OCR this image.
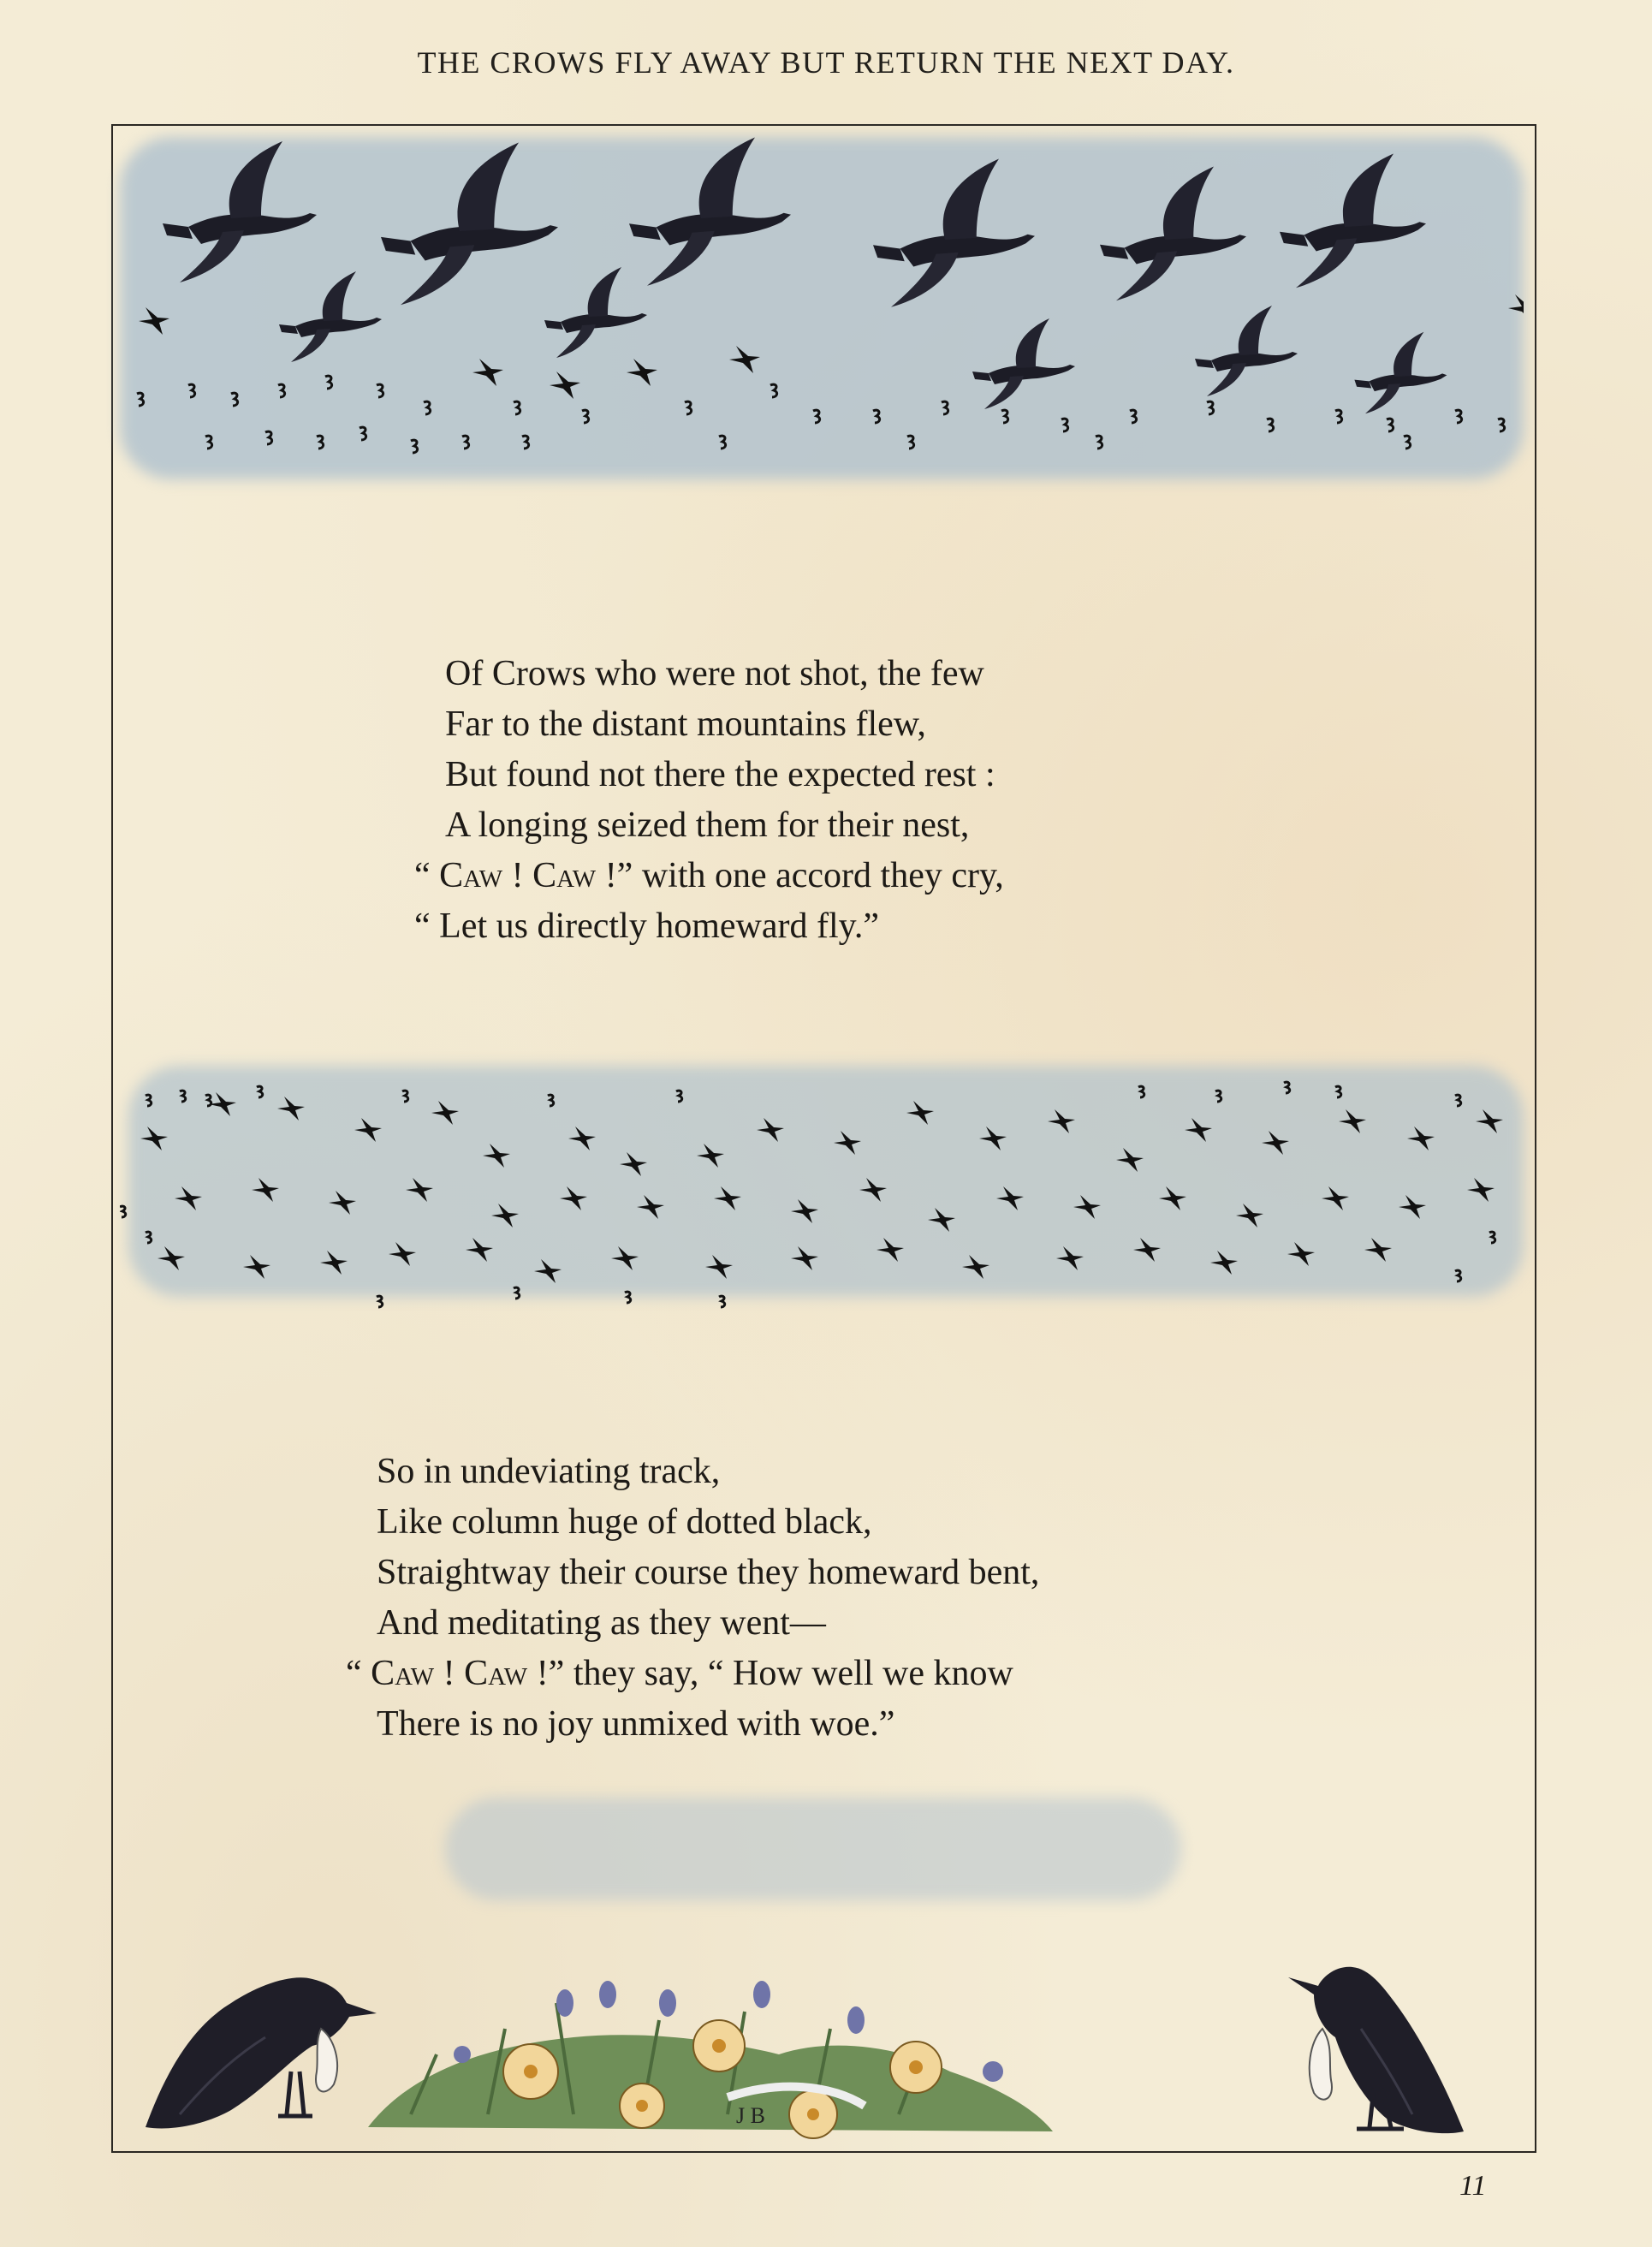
THE CROWS FLY AWAY BUT RETURN THE NEXT DAY.
Of Crows who were not shot, the few
Far to the distant mountains flew,
But found not there the expected rest :
A longing seized them for their nest,
“ Caw ! Caw !” with one accord they cry,
“ Let us directly homeward fly.”
So in undeviating track,
Like column huge of dotted black,
Straightway their course they homeward bent,
And meditating as they went—
“ Caw ! Caw !” they say, “ How well we know
There is no joy unmixed with woe.”
J B
11
